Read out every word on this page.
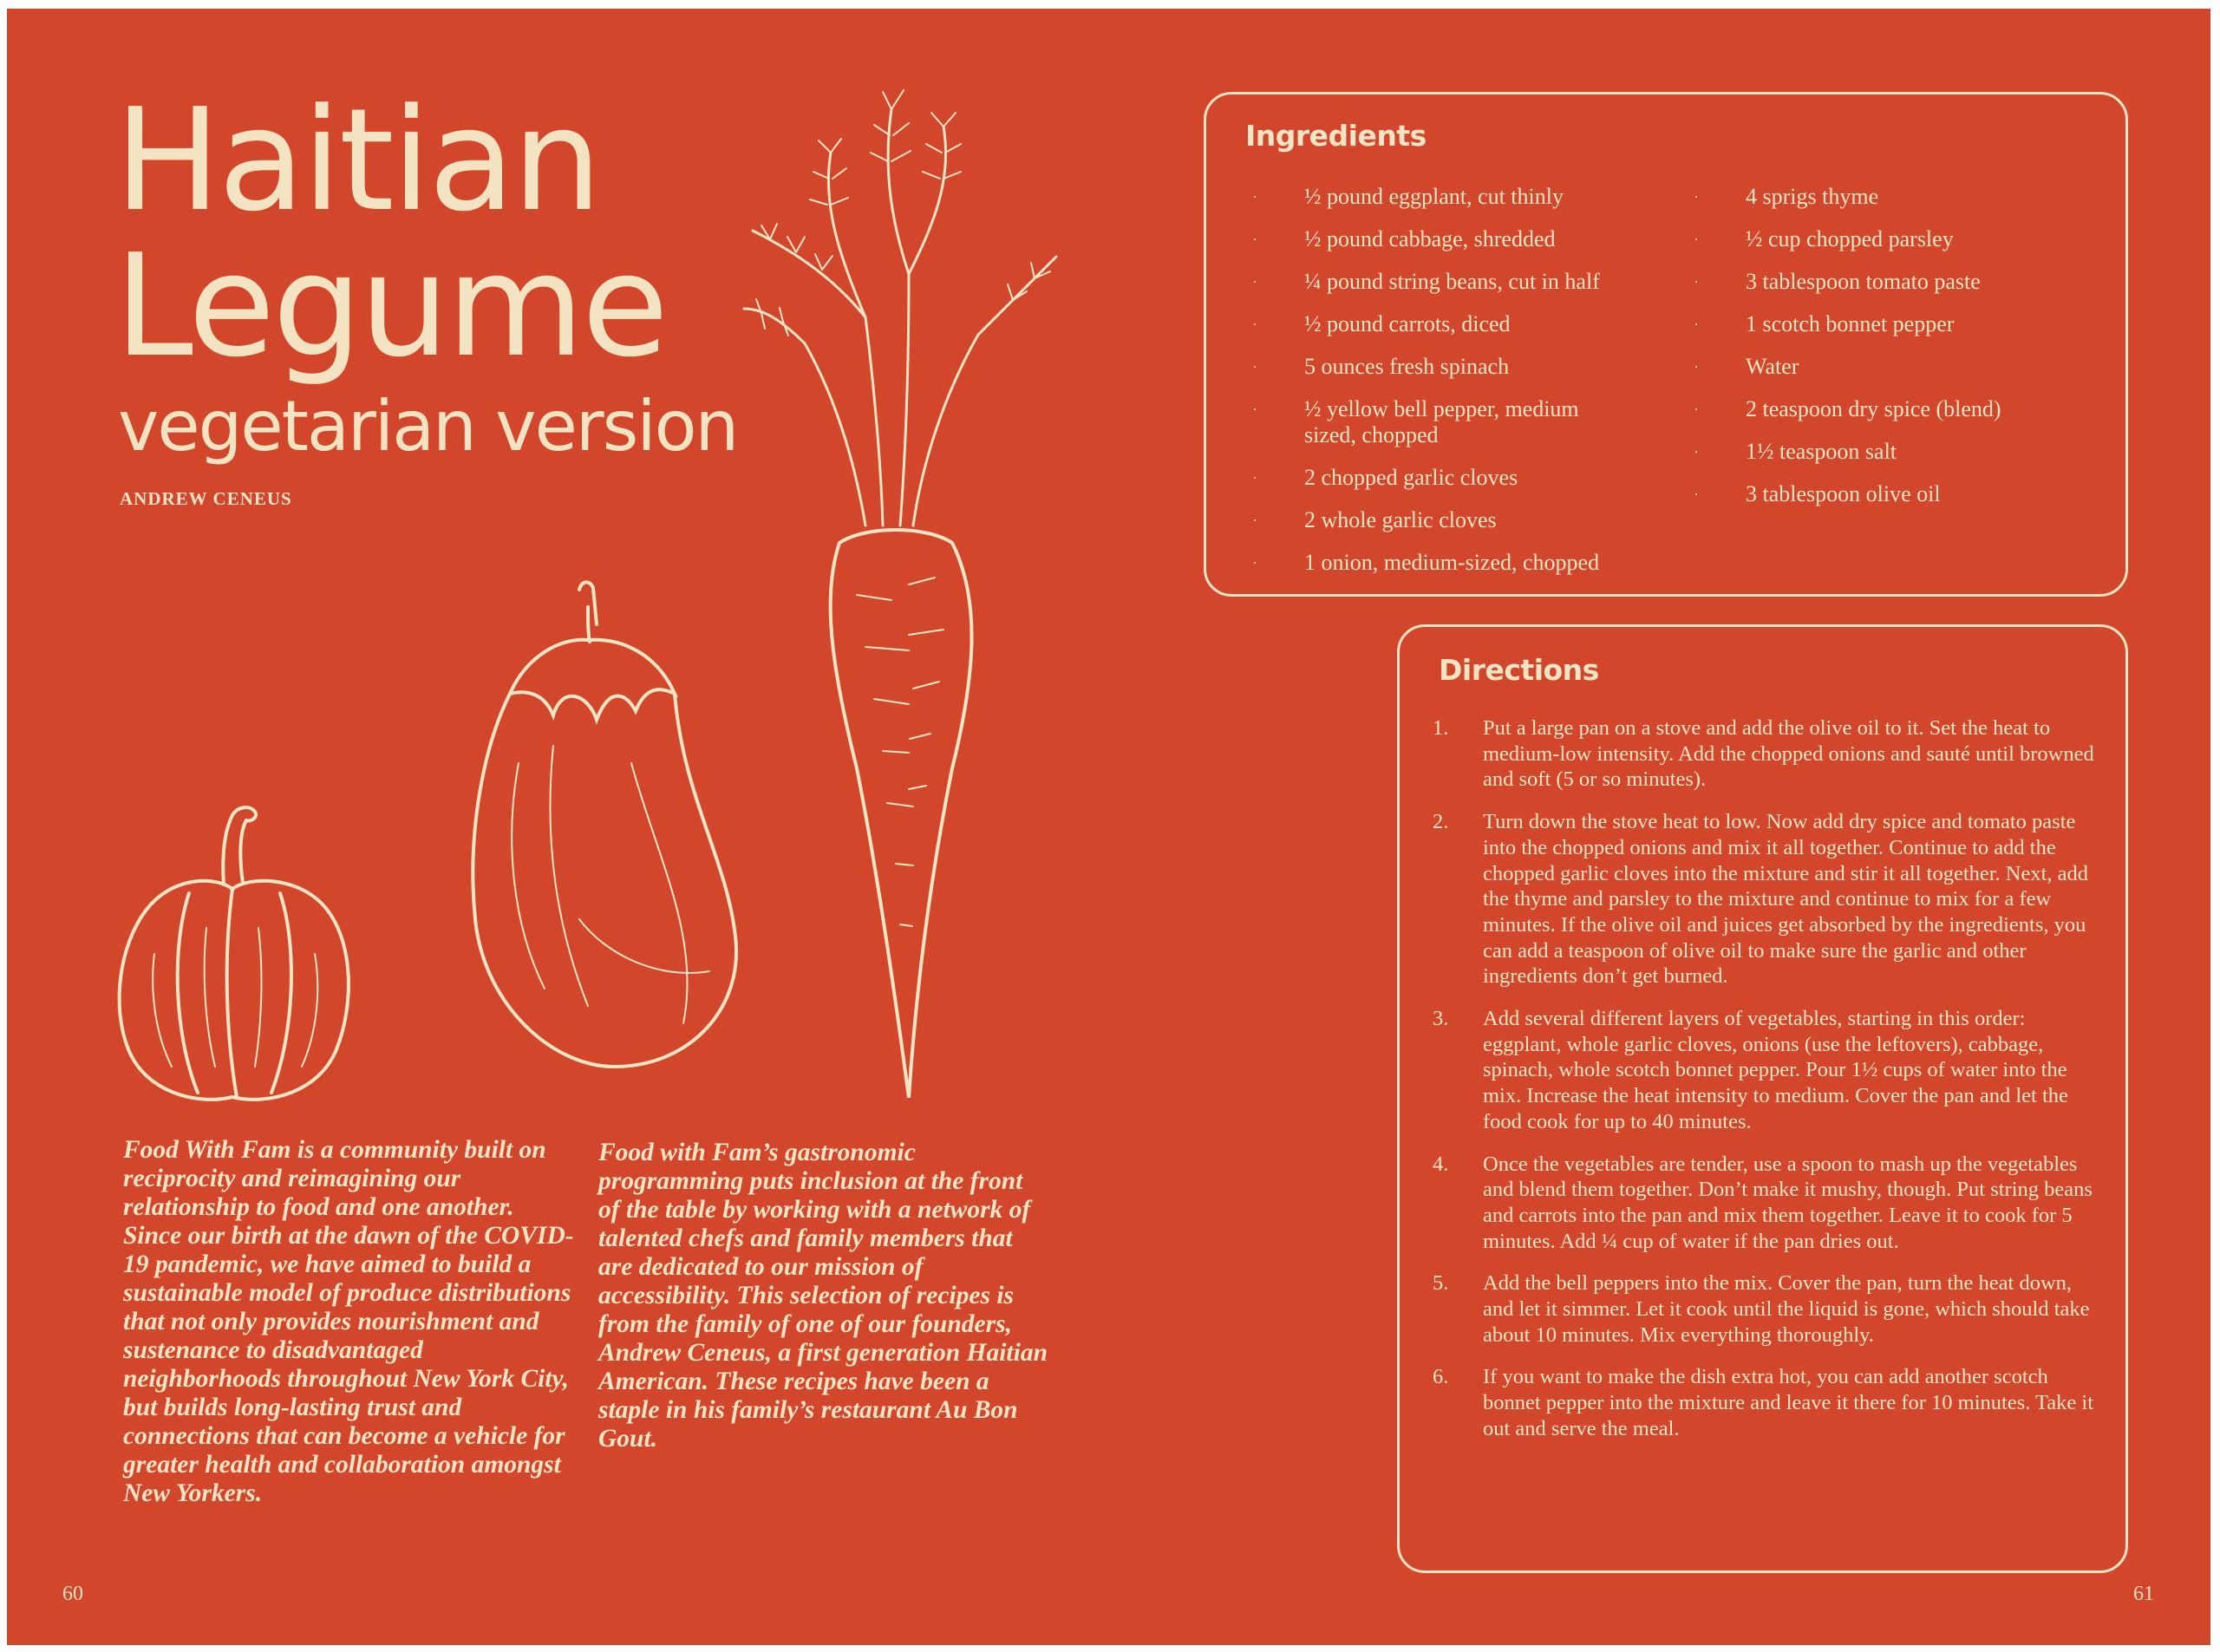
Haitian
Legume
vegetarian version
ANDREW CENEUS

Food With Fam is a community built on reciprocity and reimagining our relationship to food and one another. Since our birth at the dawn of the COVID-19 pandemic, we have aimed to build a sustainable model of produce distributions that not only provides nourishment and sustenance to disadvantaged neighborhoods throughout New York City, but builds long-lasting trust and connections that can become a vehicle for greater health and collaboration amongst New Yorkers.

Food with Fam’s gastronomic programming puts inclusion at the front of the table by working with a network of talented chefs and family members that are dedicated to our mission of accessibility. This selection of recipes is from the family of one of our founders, Andrew Ceneus, a first generation Haitian American. These recipes have been a staple in his family’s restaurant Au Bon Gout.

60	61
Ingredients
· ½ pound eggplant, cut thinly
· ½ pound cabbage, shredded
· ¼ pound string beans, cut in half
· ½ pound carrots, diced
· 5 ounces fresh spinach
· ½ yellow bell pepper, medium sized, chopped
· 2 chopped garlic cloves
· 2 whole garlic cloves
· 1 onion, medium-sized, chopped
· 4 sprigs thyme
· ½ cup chopped parsley
· 3 tablespoon tomato paste
· 1 scotch bonnet pepper
· Water
· 2 teaspoon dry spice (blend)
· 1½ teaspoon salt
· 3 tablespoon olive oil
Directions
1. Put a large pan on a stove and add the olive oil to it. Set the heat to medium-low intensity. Add the chopped onions and sauté until browned and soft (5 or so minutes).
2. Turn down the stove heat to low. Now add dry spice and tomato paste into the chopped onions and mix it all together. Continue to add the chopped garlic cloves into the mixture and stir it all together. Next, add the thyme and parsley to the mixture and continue to mix for a few minutes. If the olive oil and juices get absorbed by the ingredients, you can add a teaspoon of olive oil to make sure the garlic and other ingredients don’t get burned.
3. Add several different layers of vegetables, starting in this order: eggplant, whole garlic cloves, onions (use the leftovers), cabbage, spinach, whole scotch bonnet pepper. Pour 1½ cups of water into the mix. Increase the heat intensity to medium. Cover the pan and let the food cook for up to 40 minutes.
4. Once the vegetables are tender, use a spoon to mash up the vegetables and blend them together. Don’t make it mushy, though. Put string beans and carrots into the pan and mix them together. Leave it to cook for 5 minutes. Add ¼ cup of water if the pan dries out.
5. Add the bell peppers into the mix. Cover the pan, turn the heat down, and let it simmer. Let it cook until the liquid is gone, which should take about 10 minutes. Mix everything thoroughly.
6. If you want to make the dish extra hot, you can add another scotch bonnet pepper into the mixture and leave it there for 10 minutes. Take it out and serve the meal.
